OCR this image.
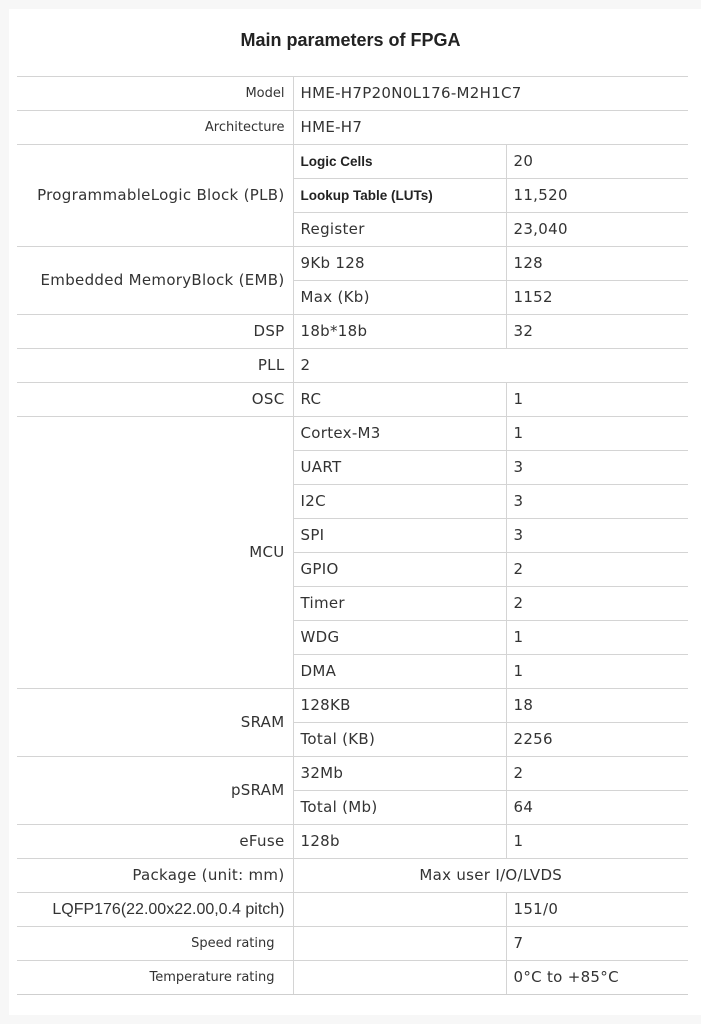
Main parameters of FPGA
Model	HME-H7P20N0L176-M2H1C7	
Architecture	HME-H7	
ProgrammableLogic Block (PLB)	Logic Cells	20
	Lookup Table (LUTs)	11,520
	Register	23,040
Embedded MemoryBlock (EMB)	9Kb 128	128
	Max (Kb)	1152
DSP	18b*18b	32
PLL	2	
OSC	RC	1
MCU	Cortex-M3	1
	UART	3
	I2C	3
	SPI	3
	GPIO	2
	Timer	2
	WDG	1
	DMA	1
SRAM	128KB	18
	Total (KB)	2256
pSRAM	32Mb	2
	Total (Mb)	64
eFuse	128b	1
Package (unit: mm)	Max user I/O/LVDS	
LQFP176(22.00x22.00,0.4 pitch)		151/0
Speed rating		7
Temperature rating		0°C to +85°C
